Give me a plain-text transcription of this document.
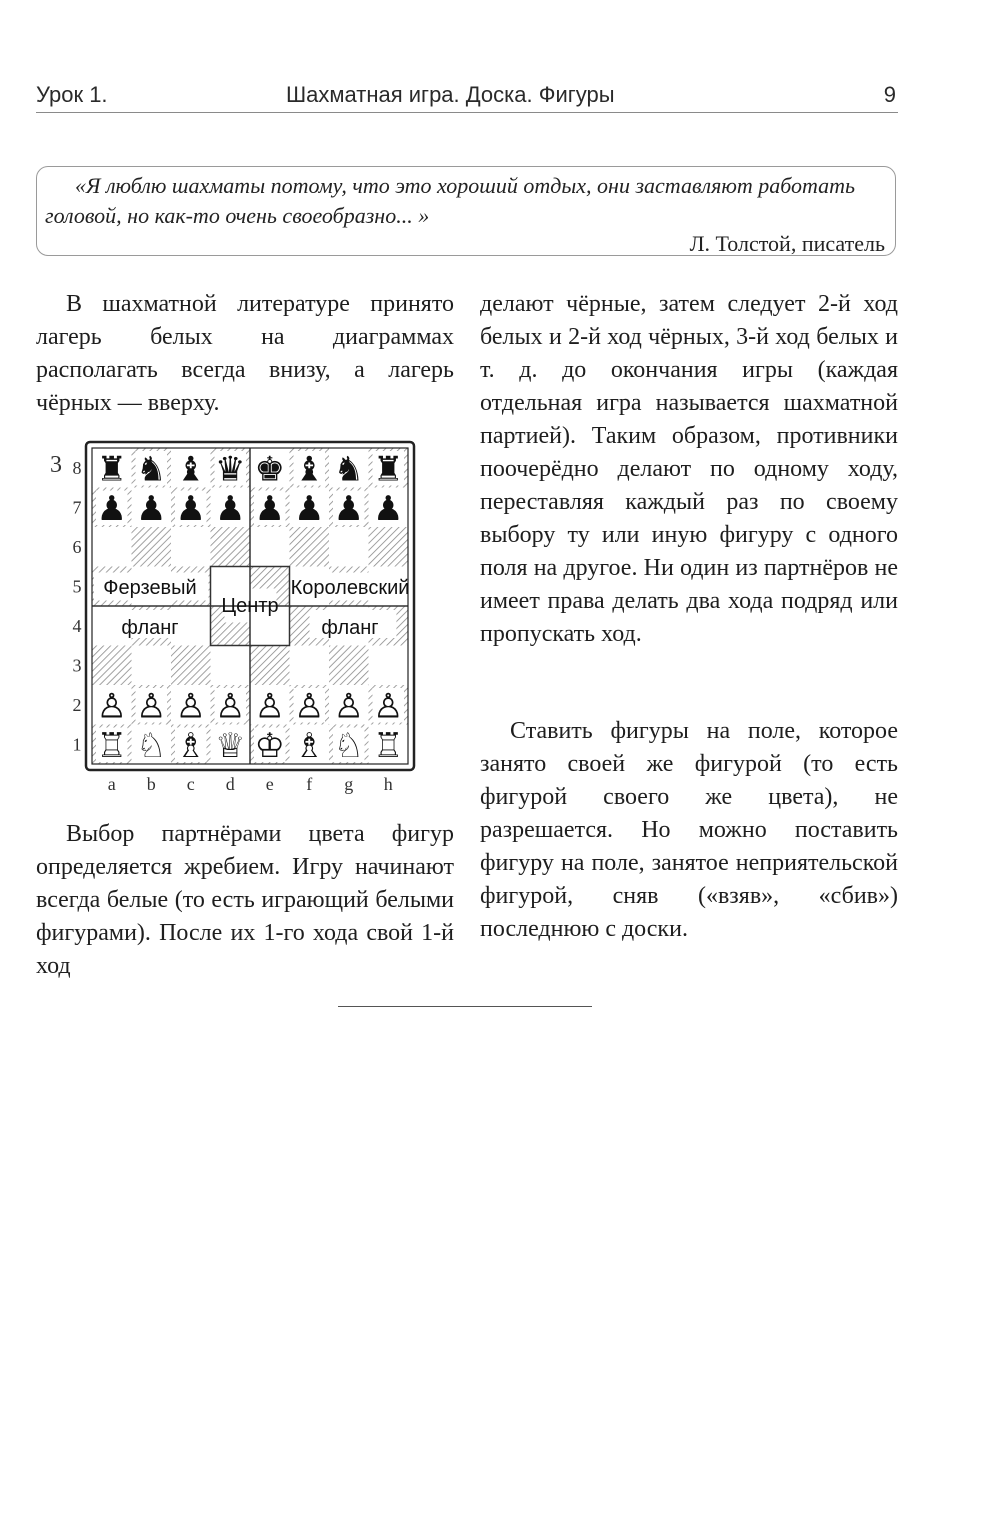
Урок 1.	Шахматная игра. Доска. Фигуры	9

«Я люблю шахматы потому, что это хороший отдых, они заставляют работать головой, но как-то очень своеобразно... »

Л. Толстой, писатель

В шахматной литературе принято лагерь белых на диаграммах располагать всегда внизу, а лагерь чёрных — вверху.

3 ♜ ♞ ♝ ♛ ♚ ♝ ♞ ♜
♟ ♟ ♟ ♟ ♟ ♟ ♟ ♟
♙ ♙ ♙ ♙ ♙ ♙ ♙ ♙
♖ ♘ ♗ ♕ ♔ ♗ ♘ ♖
Ферзевый
фланг
Центр
Королевский
фланг
8
7
6
5
4
3
2
1
a b c d e f g h

Выбор партнёрами цвета фигур определяется жребием. Игру начинают всегда белые (то есть играющий белыми фигурами). После их 1-го хода свой 1-й ход

делают чёрные, затем следует 2-й ход белых и 2-й ход чёрных, 3-й ход белых и т. д. до окончания игры (каждая отдельная игра называется шахматной партией). Таким образом, противники поочерёдно делают по одному ходу, переставляя каждый раз по своему выбору ту или иную фигуру с одного поля на другое. Ни один из партнёров не имеет права делать два хода подряд или пропускать ход.

Ставить фигуры на поле, которое занято своей же фигурой (то есть фигурой своего же цвета), не разрешается. Но можно поставить фигуру на поле, занятое неприятельской фигурой, сняв («взяв», «сбив») последнюю с доски.
